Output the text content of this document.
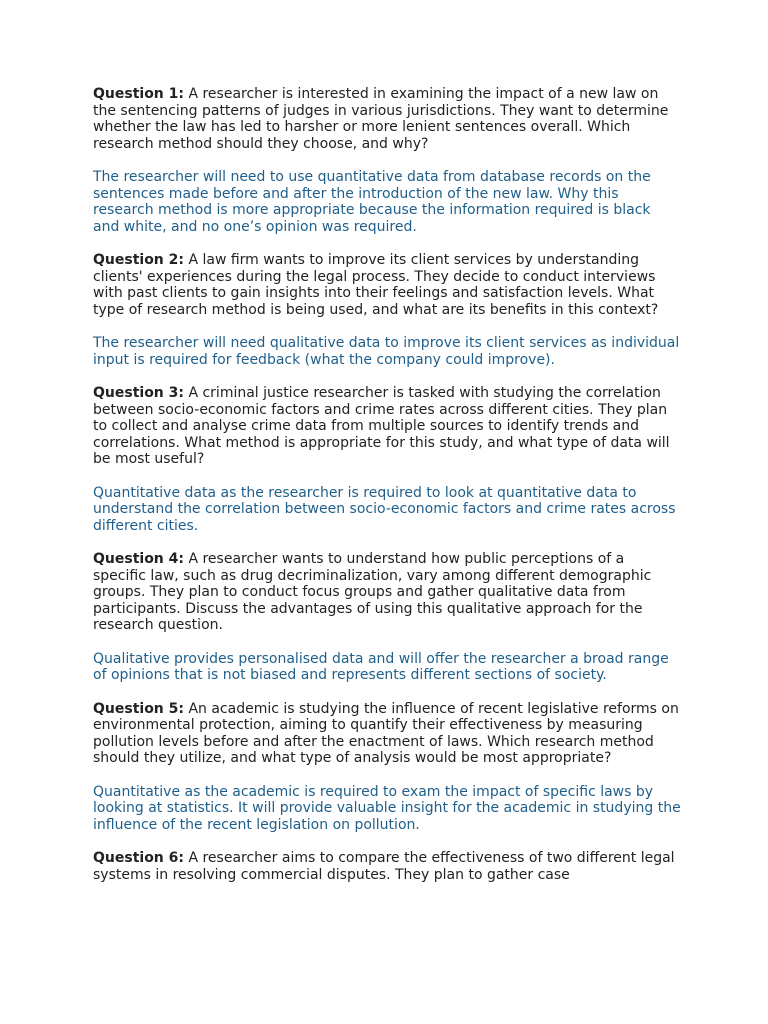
Question 1: A researcher is interested in examining the impact of a new law on the sentencing patterns of judges in various jurisdictions. They want to determine whether the law has led to harsher or more lenient sentences overall. Which research method should they choose, and why?

The researcher will need to use quantitative data from database records on the sentences made before and after the introduction of the new law. Why this research method is more appropriate because the information required is black and white, and no one’s opinion was required.

Question 2: A law firm wants to improve its client services by understanding clients' experiences during the legal process. They decide to conduct interviews with past clients to gain insights into their feelings and satisfaction levels. What type of research method is being used, and what are its benefits in this context?

The researcher will need qualitative data to improve its client services as individual input is required for feedback (what the company could improve).

Question 3: A criminal justice researcher is tasked with studying the correlation between socio-economic factors and crime rates across different cities. They plan to collect and analyse crime data from multiple sources to identify trends and correlations. What method is appropriate for this study, and what type of data will be most useful?

Quantitative data as the researcher is required to look at quantitative data to understand the correlation between socio-economic factors and crime rates across different cities.

Question 4: A researcher wants to understand how public perceptions of a specific law, such as drug decriminalization, vary among different demographic groups. They plan to conduct focus groups and gather qualitative data from participants. Discuss the advantages of using this qualitative approach for the research question.

Qualitative provides personalised data and will offer the researcher a broad range of opinions that is not biased and represents different sections of society.

Question 5: An academic is studying the influence of recent legislative reforms on environmental protection, aiming to quantify their effectiveness by measuring pollution levels before and after the enactment of laws. Which research method should they utilize, and what type of analysis would be most appropriate?

Quantitative as the academic is required to exam the impact of specific laws by looking at statistics. It will provide valuable insight for the academic in studying the influence of the recent legislation on pollution.

Question 6: A researcher aims to compare the effectiveness of two different legal systems in resolving commercial disputes. They plan to gather case
